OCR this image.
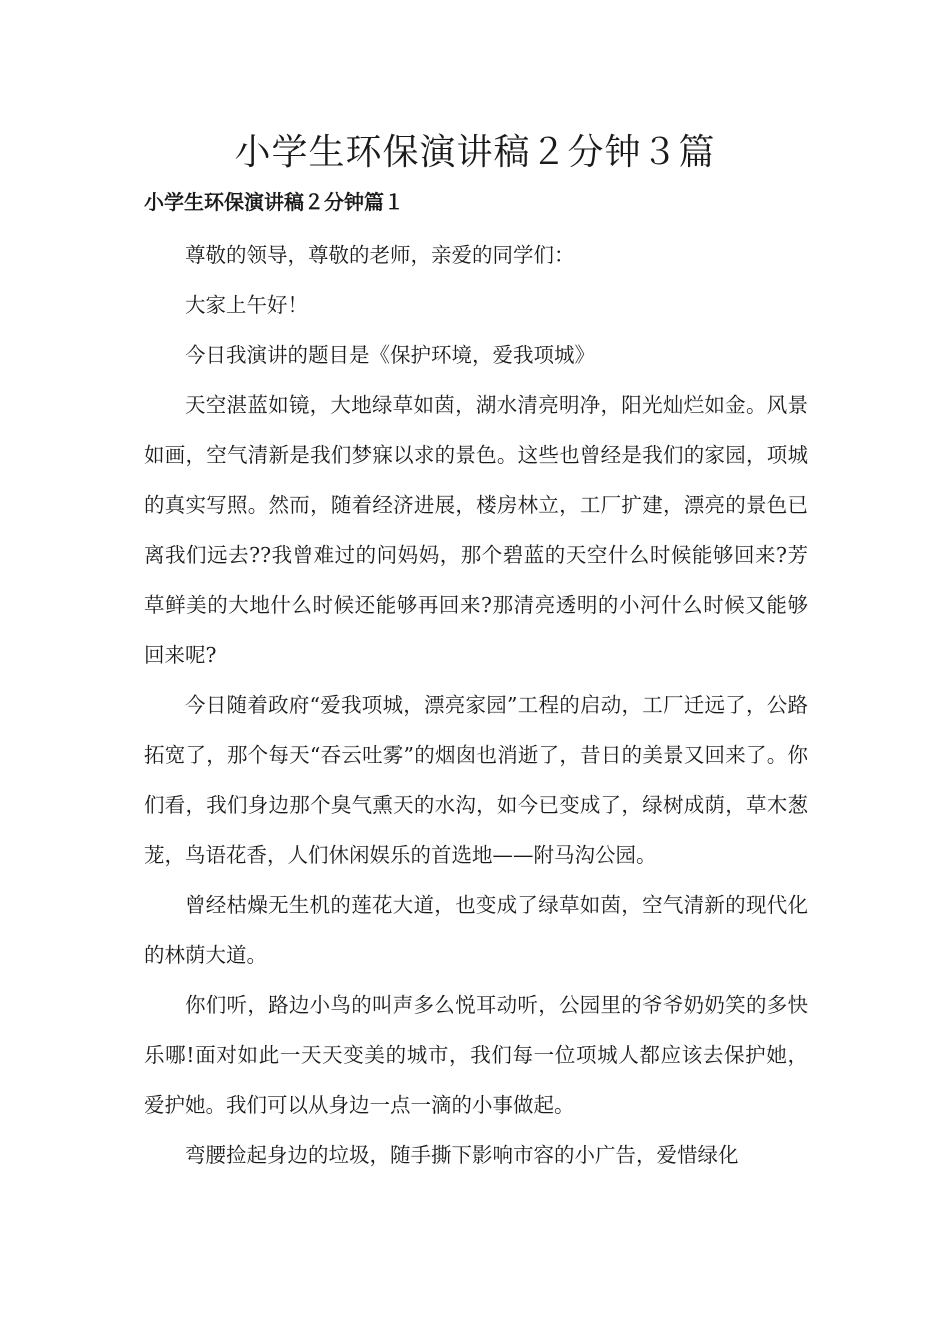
小学生环保演讲稿２分钟３篇
小学生环保演讲稿２分钟篇１

尊敬的领导，尊敬的老师，亲爱的同学们：

大家上午好！

今日我演讲的题目是《保护环境，爱我项城》

天空湛蓝如镜，大地绿草如茵，湖水清亮明净，阳光灿烂如金。风景如画，空气清新是我们梦寐以求的景色。这些也曾经是我们的家园，项城的真实写照。然而，随着经济进展，楼房林立，工厂扩建，漂亮的景色已离我们远去??我曾难过的问妈妈，那个碧蓝的天空什么时候能够回来?芳草鲜美的大地什么时候还能够再回来?那清亮透明的小河什么时候又能够回来呢?

今日随着政府“爱我项城，漂亮家园”工程的启动，工厂迁远了，公路拓宽了，那个每天“吞云吐雾”的烟囱也消逝了，昔日的美景又回来了。你们看，我们身边那个臭气熏天的水沟，如今已变成了，绿树成荫，草木葱茏，鸟语花香，人们休闲娱乐的首选地——附马沟公园。

曾经枯燥无生机的莲花大道，也变成了绿草如茵，空气清新的现代化的林荫大道。

你们听，路边小鸟的叫声多么悦耳动听，公园里的爷爷奶奶笑的多快乐哪!面对如此一天天变美的城市，我们每一位项城人都应该去保护她，爱护她。我们可以从身边一点一滴的小事做起。

弯腰捡起身边的垃圾，随手撕下影响市容的小广告，爱惜绿化
